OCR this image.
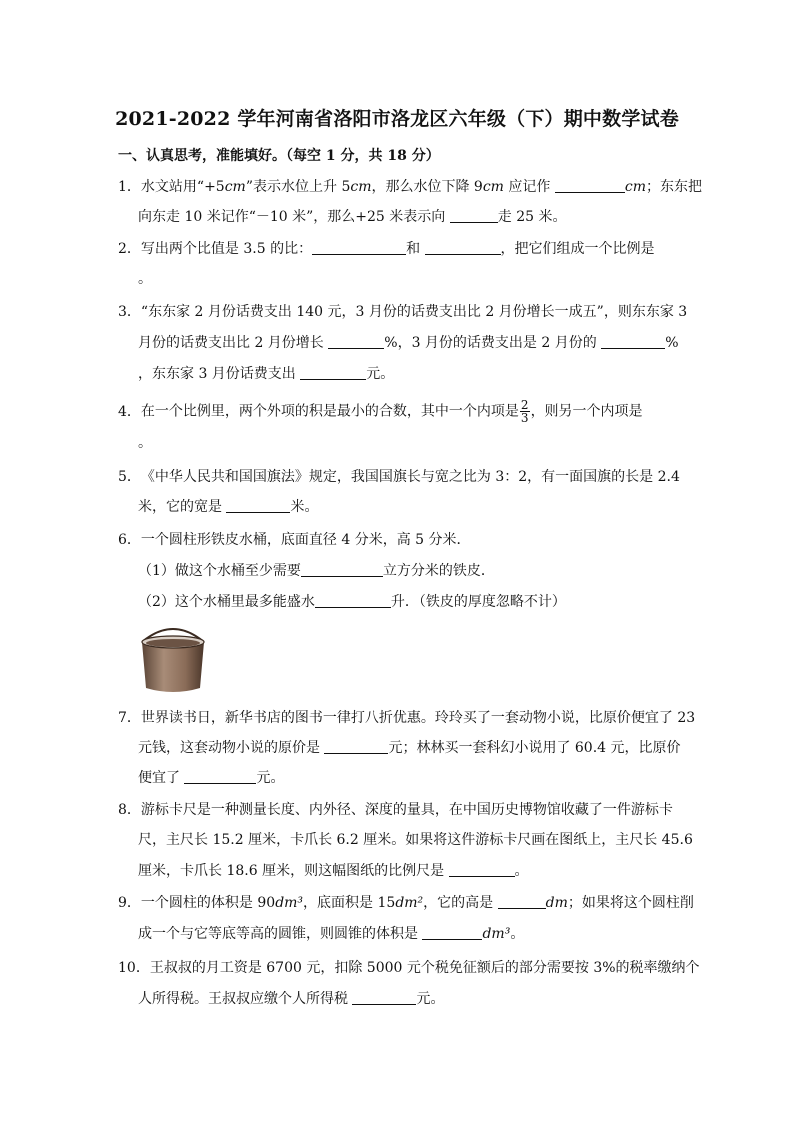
2021-2022 学年河南省洛阳市洛龙区六年级（下）期中数学试卷
一、认真思考，准能填好。（每空 1 分，共 18 分）
1．水文站用“+5cm”表示水位上升 5cm，那么水位下降 9cm 应记作	cm；东东把
向东走 10 米记作“－10 米”，那么+25 米表示向	走 25 米。
2．写出两个比值是 3.5 的比：	和	，把它们组成一个比例是
。
3．“东东家 2 月份话费支出 140 元，3 月份的话费支出比 2 月份增长一成五”，则东东家 3
月份的话费支出比 2 月份增长	%，3 月份的话费支出是 2 月份的	%
，东东家 3 月份话费支出	元。
4．在一个比例里，两个外项的积是最小的合数，其中一个内项是 $\frac{2}{3}$ ，则另一个内项是
。
5．《中华人民共和国国旗法》规定，我国国旗长与宽之比为 3：2，有一面国旗的长是 2.4
米，它的宽是	米。
6．一个圆柱形铁皮水桶，底面直径 4 分米，高 5 分米．
（1）做这个水桶至少需要	立方分米的铁皮．
（2）这个水桶里最多能盛水	升．（铁皮的厚度忽略不计）
7．世界读书日，新华书店的图书一律打八折优惠。玲玲买了一套动物小说，比原价便宜了 23
元钱，这套动物小说的原价是	元；林林买一套科幻小说用了 60.4 元，比原价
便宜了	元。
8．游标卡尺是一种测量长度、内外径、深度的量具，在中国历史博物馆收藏了一件游标卡
尺，主尺长 15.2 厘米，卡爪长 6.2 厘米。如果将这件游标卡尺画在图纸上，主尺长 45.6
厘米，卡爪长 18.6 厘米，则这幅图纸的比例尺是	。
9．一个圆柱的体积是 90dm³，底面积是 15dm²，它的高是	dm；如果将这个圆柱削
成一个与它等底等高的圆锥，则圆锥的体积是	dm³。
10．王叔叔的月工资是 6700 元，扣除 5000 元个税免征额后的部分需要按 3%的税率缴纳个
人所得税。王叔叔应缴个人所得税	元。
